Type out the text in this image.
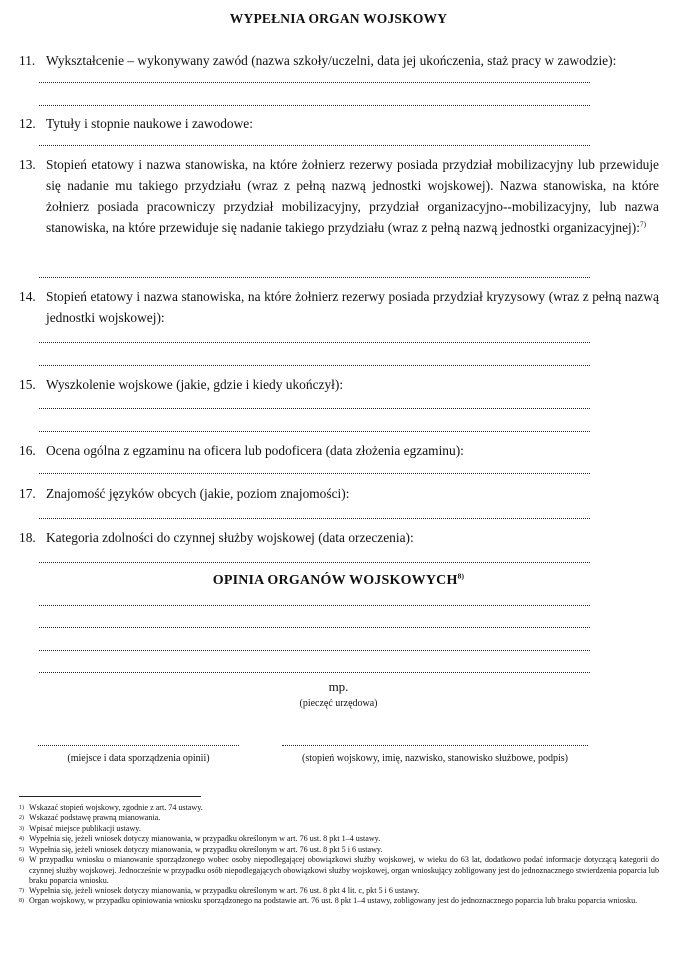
WYPEŁNIA ORGAN WOJSKOWY
11. Wykształcenie – wykonywany zawód (nazwa szkoły/uczelni, data jej ukończenia, staż pracy w zawodzie):
12. Tytuły i stopnie naukowe i zawodowe:
13. Stopień etatowy i nazwa stanowiska, na które żołnierz rezerwy posiada przydział mobilizacyjny lub przewiduje się nadanie mu takiego przydziału (wraz z pełną nazwą jednostki wojskowej). Nazwa stanowiska, na które żołnierz posiada pracowniczy przydział mobilizacyjny, przydział organizacyjno--mobilizacyjny, lub nazwa stanowiska, na które przewiduje się nadanie takiego przydziału (wraz z pełną nazwą jednostki organizacyjnej):$^{7)}$
14. Stopień etatowy i nazwa stanowiska, na które żołnierz rezerwy posiada przydział kryzysowy (wraz z pełną nazwą jednostki wojskowej):
15. Wyszkolenie wojskowe (jakie, gdzie i kiedy ukończył):
16. Ocena ogólna z egzaminu na oficera lub podoficera (data złożenia egzaminu):
17. Znajomość języków obcych (jakie, poziom znajomości):
18. Kategoria zdolności do czynnej służby wojskowej (data orzeczenia):
OPINIA ORGANÓW WOJSKOWYCH$^{8)}$
mp.
(pieczęć urzędowa)
(miejsce i data sporządzenia opinii)	(stopień wojskowy, imię, nazwisko, stanowisko służbowe, podpis)
1) Wskazać stopień wojskowy, zgodnie z art. 74 ustawy.
2) Wskazać podstawę prawną mianowania.
3) Wpisać miejsce publikacji ustawy.
4) Wypełnia się, jeżeli wniosek dotyczy mianowania, w przypadku określonym w art. 76 ust. 8 pkt 1–4 ustawy.
5) Wypełnia się, jeżeli wniosek dotyczy mianowania, w przypadku określonym w art. 76 ust. 8 pkt 5 i 6 ustawy.
6) W przypadku wniosku o mianowanie sporządzonego wobec osoby niepodlegającej obowiązkowi służby wojskowej, w wieku do 63 lat, dodatkowo podać informacje dotyczącą kategorii do czynnej służby wojskowej. Jednocześnie w przypadku osób niepodlegających obowiązkowi służby wojskowej, organ wnioskujący zobligowany jest do jednoznacznego stwierdzenia poparcia lub braku poparcia wniosku.
7) Wypełnia się, jeżeli wniosek dotyczy mianowania, w przypadku określonym w art. 76 ust. 8 pkt 4 lit. c, pkt 5 i 6 ustawy.
8) Organ wojskowy, w przypadku opiniowania wniosku sporządzonego na podstawie art. 76 ust. 8 pkt 1–4 ustawy, zobligowany jest do jednoznacznego poparcia lub braku poparcia wniosku.
